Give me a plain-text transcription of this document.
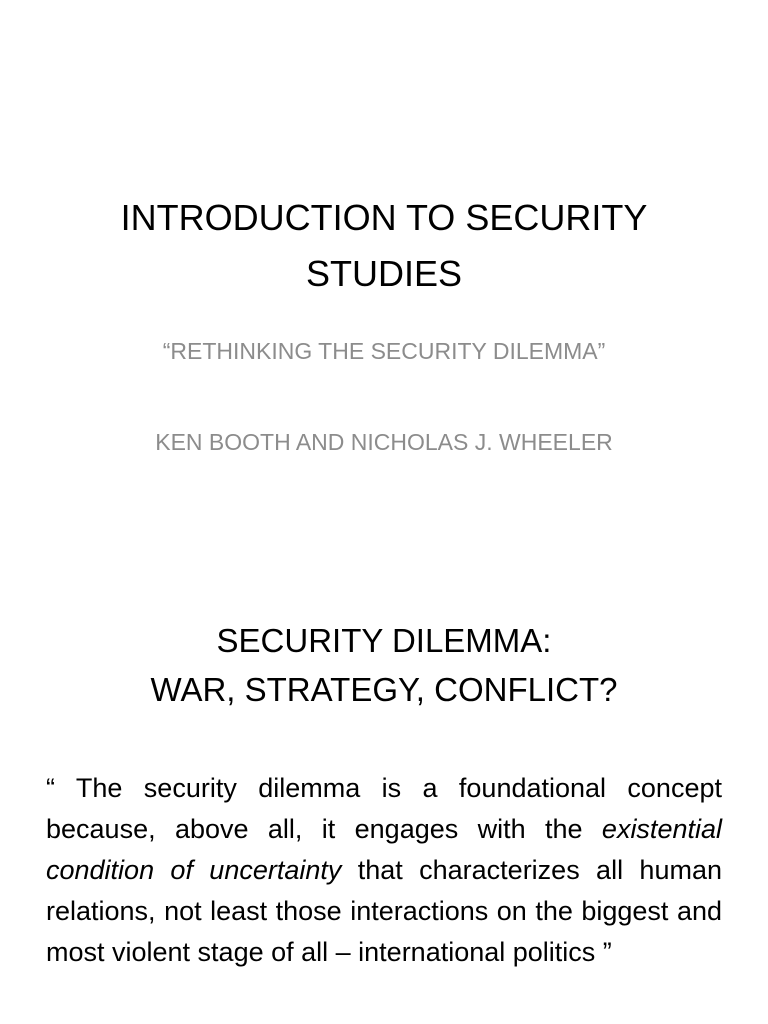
INTRODUCTION TO SECURITY
STUDIES

“RETHINKING THE SECURITY DILEMMA”

KEN BOOTH AND NICHOLAS J. WHEELER

SECURITY DILEMMA:
WAR, STRATEGY, CONFLICT?

“ The security dilemma is a foundational concept because, above all, it engages with the existential condition of uncertainty that characterizes all human relations, not least those interactions on the biggest and most violent stage of all – international politics ”
